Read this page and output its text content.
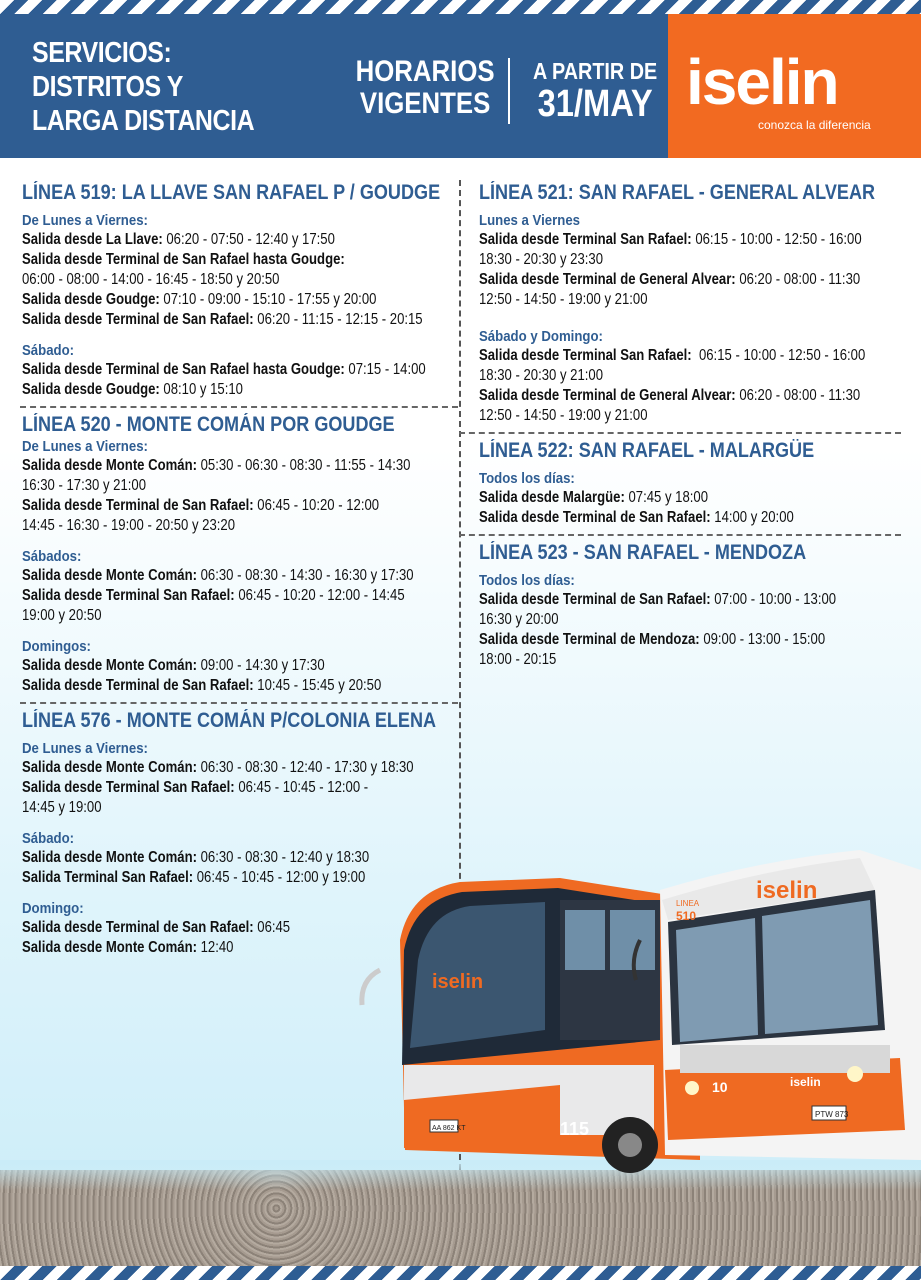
SERVICIOS:
DISTRITOS Y
LARGA DISTANCIA
HORARIOS
VIGENTES
A PARTIR DE
31/MAY iselin
conozca la diferencia
LÍNEA 519: LA LLAVE SAN RAFAEL P / GOUDGE
De Lunes a Viernes:
Salida desde La Llave: 06:20 - 07:50 - 12:40 y 17:50
Salida desde Terminal de San Rafael hasta Goudge:
06:00 - 08:00 - 14:00 - 16:45 - 18:50 y 20:50
Salida desde Goudge: 07:10 - 09:00 - 15:10 - 17:55 y 20:00
Salida desde Terminal de San Rafael: 06:20 - 11:15 - 12:15 - 20:15
Sábado:
Salida desde Terminal de San Rafael hasta Goudge: 07:15 - 14:00
Salida desde Goudge: 08:10 y 15:10
LÍNEA 520 - MONTE COMÁN POR GOUDGE
De Lunes a Viernes:
Salida desde Monte Comán: 05:30 - 06:30 - 08:30 - 11:55 - 14:30
16:30 - 17:30 y 21:00
Salida desde Terminal de San Rafael: 06:45 - 10:20 - 12:00
14:45 - 16:30 - 19:00 - 20:50 y 23:20
Sábados:
Salida desde Monte Comán: 06:30 - 08:30 - 14:30 - 16:30 y 17:30
Salida desde Terminal San Rafael: 06:45 - 10:20 - 12:00 - 14:45
19:00 y 20:50
Domingos:
Salida desde Monte Comán: 09:00 - 14:30 y 17:30
Salida desde Terminal de San Rafael: 10:45 - 15:45 y 20:50
LÍNEA 576 - MONTE COMÁN P/COLONIA ELENA
De Lunes a Viernes:
Salida desde Monte Comán: 06:30 - 08:30 - 12:40 - 17:30 y 18:30
Salida desde Terminal San Rafael: 06:45 - 10:45 - 12:00 -
14:45 y 19:00
Sábado:
Salida desde Monte Comán: 06:30 - 08:30 - 12:40 y 18:30
Salida Terminal San Rafael: 06:45 - 10:45 - 12:00 y 19:00
Domingo:
Salida desde Terminal de San Rafael: 06:45
Salida desde Monte Comán: 12:40
LÍNEA 521: SAN RAFAEL - GENERAL ALVEAR
Lunes a Viernes
Salida desde Terminal San Rafael: 06:15 - 10:00 - 12:50 - 16:00
18:30 - 20:30 y 23:30
Salida desde Terminal de General Alvear: 06:20 - 08:00 - 11:30
12:50 - 14:50 - 19:00 y 21:00
Sábado y Domingo:
Salida desde Terminal San Rafael:  06:15 - 10:00 - 12:50 - 16:00
18:30 - 20:30 y 21:00
Salida desde Terminal de General Alvear: 06:20 - 08:00 - 11:30
12:50 - 14:50 - 19:00 y 21:00
LÍNEA 522: SAN RAFAEL - MALARGÜE
Todos los días:
Salida desde Malargüe: 07:45 y 18:00
Salida desde Terminal de San Rafael: 14:00 y 20:00
LÍNEA 523 - SAN RAFAEL - MENDOZA
Todos los días:
Salida desde Terminal de San Rafael: 07:00 - 10:00 - 13:00
16:30 y 20:00
Salida desde Terminal de Mendoza: 09:00 - 13:00 - 15:00
18:00 - 20:15
iselin
115
AA 862 KT
iselin
LINEA
510
10	iselin
PTW 873
